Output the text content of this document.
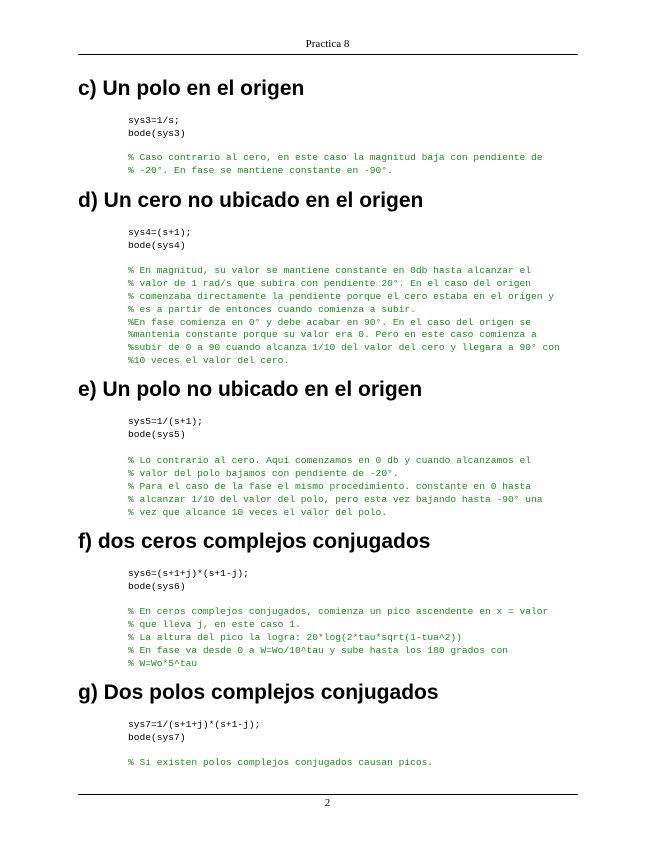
Practica 8
c) Un polo en el origen
sys3=1/s;
bode(sys3)
% Caso contrario al cero, en este caso la magnitud baja con pendiente de
% -20°. En fase se mantiene constante en -90°.
d) Un cero no ubicado en el origen
sys4=(s+1);
bode(sys4)
% En magnitud, su valor se mantiene constante en 0db hasta alcanzar el
% valor de 1 rad/s que subira con pendiente 20°. En el caso del origen
% comenzaba directamente la pendiente porque el cero estaba en el origen y
% es a partir de entonces cuando comienza a subir.
%En fase comienza en 0° y debe acabar en 90°. En el caso del origen se
%mantenia constante porque su valor era 0. Pero en este caso comienza a
%subir de 0 a 90 cuando alcanza 1/10 del valor del cero y llegara a 90° con
%10 veces el valor del cero.
e) Un polo no ubicado en el origen
sys5=1/(s+1);
bode(sys5)
% Lo contrario al cero. Aqui comenzamos en 0 db y cuando alcanzamos el
% valor del polo bajamos con pendiente de -20°.
% Para el caso de la fase el mismo procedimiento. constante en 0 hasta
% alcanzar 1/10 del valor del polo, pero esta vez bajando hasta -90° una
% vez que alcance 10 veces el valor del polo.
f) dos ceros complejos conjugados
sys6=(s+1+j)*(s+1-j);
bode(sys6)
% En ceros complejos conjugados, comienza un pico ascendente en x = valor
% que lleva j, en este caso 1.
% La altura del pico la logra: 20*log(2*tau*sqrt(1-tua^2))
% En fase va desde 0 a W=Wo/10^tau y sube hasta los 180 grados con
% W=Wo*5^tau
g) Dos polos complejos conjugados
sys7=1/(s+1+j)*(s+1-j);
bode(sys7)
% Si existen polos complejos conjugados causan picos.
2
